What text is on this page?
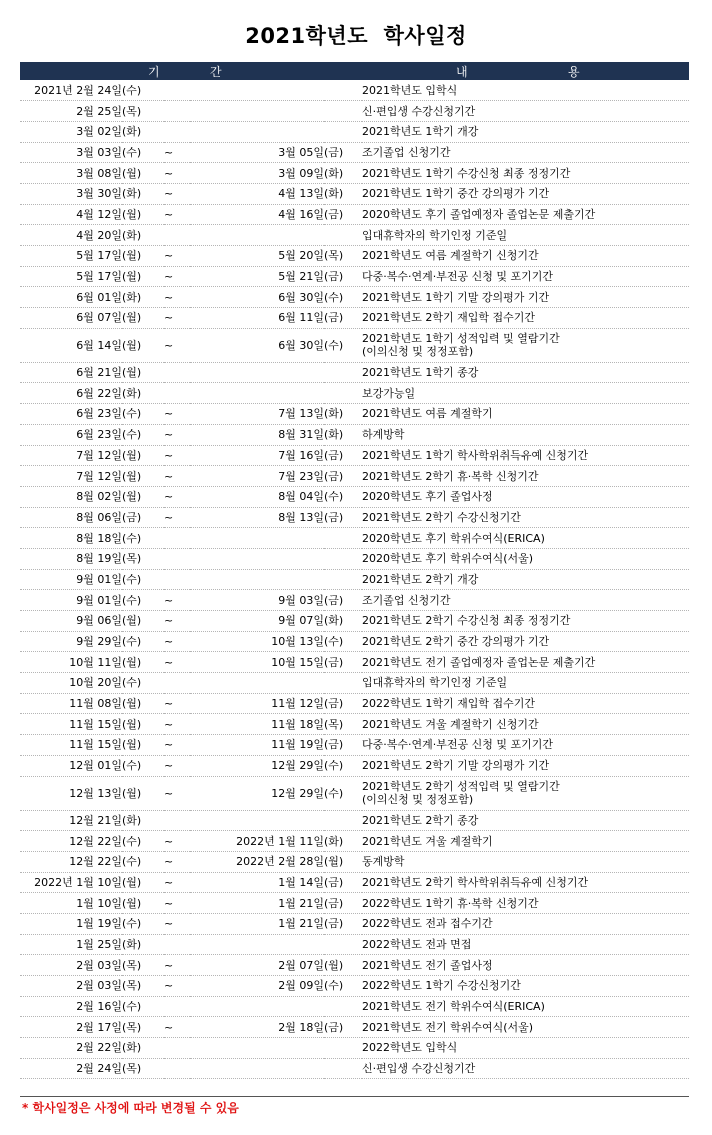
2021학년도  학사일정
기	간	내	용
2021년 2월 24일	(수)				2021학년도 입학식

2월 25일	(목)				신·편입생 수강신청기간

3월 02일	(화)				2021학년도 1학기 개강

3월 03일	(수)	~	3월 05일	(금)	조기졸업 신청기간

3월 08일	(월)	~	3월 09일	(화)	2021학년도 1학기 수강신청 최종 정정기간

3월 30일	(화)	~	4월 13일	(화)	2021학년도 1학기 중간 강의평가 기간

4월 12일	(월)	~	4월 16일	(금)	2020학년도 후기 졸업예정자 졸업논문 제출기간

4월 20일	(화)				입대휴학자의 학기인정 기준일

5월 17일	(월)	~	5월 20일	(목)	2021학년도 여름 계절학기 신청기간

5월 17일	(월)	~	5월 21일	(금)	다중·복수·연계·부전공 신청 및 포기기간

6월 01일	(화)	~	6월 30일	(수)	2021학년도 1학기 기말 강의평가 기간

6월 07일	(월)	~	6월 11일	(금)	2021학년도 2학기 재입학 접수기간

6월 14일	(월)	~	6월 30일	(수)	2021학년도 1학기 성적입력 및 열람기간
(이의신청 및 정정포함)

6월 21일	(월)				2021학년도 1학기 종강

6월 22일	(화)				보강가능일

6월 23일	(수)	~	7월 13일	(화)	2021학년도 여름 계절학기

6월 23일	(수)	~	8월 31일	(화)	하계방학

7월 12일	(월)	~	7월 16일	(금)	2021학년도 1학기 학사학위취득유예 신청기간

7월 12일	(월)	~	7월 23일	(금)	2021학년도 2학기 휴·복학 신청기간

8월 02일	(월)	~	8월 04일	(수)	2020학년도 후기 졸업사정

8월 06일	(금)	~	8월 13일	(금)	2021학년도 2학기 수강신청기간

8월 18일	(수)				2020학년도 후기 학위수여식(ERICA)

8월 19일	(목)				2020학년도 후기 학위수여식(서울)

9월 01일	(수)				2021학년도 2학기 개강

9월 01일	(수)	~	9월 03일	(금)	조기졸업 신청기간

9월 06일	(월)	~	9월 07일	(화)	2021학년도 2학기 수강신청 최종 정정기간

9월 29일	(수)	~	10월 13일	(수)	2021학년도 2학기 중간 강의평가 기간

10월 11일	(월)	~	10월 15일	(금)	2021학년도 전기 졸업예정자 졸업논문 제출기간

10월 20일	(수)				입대휴학자의 학기인정 기준일

11월 08일	(월)	~	11월 12일	(금)	2022학년도 1학기 재입학 접수기간

11월 15일	(월)	~	11월 18일	(목)	2021학년도 겨울 계절학기 신청기간

11월 15일	(월)	~	11월 19일	(금)	다중·복수·연계·부전공 신청 및 포기기간

12월 01일	(수)	~	12월 29일	(수)	2021학년도 2학기 기말 강의평가 기간

12월 13일	(월)	~	12월 29일	(수)	2021학년도 2학기 성적입력 및 열람기간
(이의신청 및 정정포함)

12월 21일	(화)				2021학년도 2학기 종강

12월 22일	(수)	~	2022년 1월 11일	(화)	2021학년도 겨울 계절학기

12월 22일	(수)	~	2022년 2월 28일	(월)	동계방학

2022년 1월 10일	(월)	~	1월 14일	(금)	2021학년도 2학기 학사학위취득유예 신청기간

1월 10일	(월)	~	1월 21일	(금)	2022학년도 1학기 휴·복학 신청기간

1월 19일	(수)	~	1월 21일	(금)	2022학년도 전과 접수기간

1월 25일	(화)				2022학년도 전과 면접

2월 03일	(목)	~	2월 07일	(월)	2021학년도 전기 졸업사정

2월 03일	(목)	~	2월 09일	(수)	2022학년도 1학기 수강신청기간

2월 16일	(수)				2021학년도 전기 학위수여식(ERICA)

2월 17일	(목)	~	2월 18일	(금)	2021학년도 전기 학위수여식(서울)

2월 22일	(화)				2022학년도 입학식

2월 24일	(목)				신·편입생 수강신청기간
* 학사일정은 사정에 따라 변경될 수 있음
